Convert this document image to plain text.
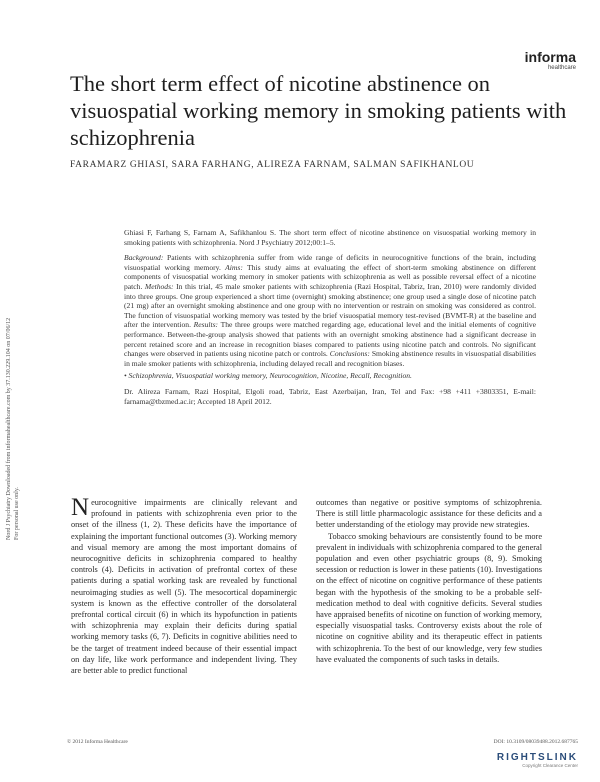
informa
healthcare
The short term effect of nicotine abstinence on visuospatial working memory in smoking patients with schizophrenia
FARAMARZ GHIASI, SARA FARHANG, ALIREZA FARNAM, SALMAN SAFIKHANLOU
Nord J Psychiatry Downloaded from informahealthcare.com by 37.130.229.104 on 07/06/12 For personal use only.

Ghiasi F, Farhang S, Farnam A, Safikhanlou S. The short term effect of nicotine abstinence on visuospatial working memory in smoking patients with schizophrenia. Nord J Psychiatry 2012;00:1–5.

Background: Patients with schizophrenia suffer from wide range of deficits in neurocognitive functions of the brain, including visuospatial working memory. Aims: This study aims at evaluating the effect of short-term smoking abstinence on different components of visuospatial working memory in smoker patients with schizophrenia as well as possible reversal effect of a nicotine patch. Methods: In this trial, 45 male smoker patients with schizophrenia (Razi Hospital, Tabriz, Iran, 2010) were randomly divided into three groups. One group experienced a short time (overnight) smoking abstinence; one group used a single dose of nicotine patch (21 mg) after an overnight smoking abstinence and one group with no intervention or restrain on smoking was considered as control. The function of visuospatial working memory was tested by the brief visuospatial memory test-revised (BVMT-R) at the baseline and after the intervention. Results: The three groups were matched regarding age, educational level and the initial elements of cognitive performance. Between-the-group analysis showed that patients with an overnight smoking abstinence had a significant decrease in percent retained score and an increase in recognition biases compared to patients using nicotine patch and controls. No significant changes were observed in patients using nicotine patch or controls. Conclusions: Smoking abstinence results in visuospatial disabilities in male smoker patients with schizophrenia, including delayed recall and recognition biases.

• Schizophrenia, Visuospatial working memory, Neurocognition, Nicotine, Recall, Recognition.

Dr. Alireza Farnam, Razi Hospital, Elgoli road, Tabriz, East Azerbaijan, Iran, Tel and Fax: +98 +411 +3803351, E-mail: farnama@tbzmed.ac.ir; Accepted 18 April 2012.

Neurocognitive impairments are clinically relevant and profound in patients with schizophrenia even prior to the onset of the illness (1, 2). These deficits have the importance of explaining the important functional outcomes (3). Working memory and visual memory are among the most important domains of neurocognitive deficits in schizophrenia compared to healthy controls (4). Deficits in activation of prefrontal cortex of these patients during a spatial working task are revealed by functional neuroimaging studies as well (5). The mesocortical dopaminergic system is known as the effective controller of the dorsolateral prefrontal cortical circuit (6) in which its hypofunction in patients with schizophrenia may explain their deficits during spatial working memory tasks (6, 7). Deficits in cognitive abilities need to be the target of treatment indeed because of their essential impact on day life, like work performance and independent living. They are better able to predict functional

outcomes than negative or positive symptoms of schizophrenia. There is still little pharmacologic assistance for these deficits and a better understanding of the etiology may provide new strategies.

Tobacco smoking behaviours are consistently found to be more prevalent in individuals with schizophrenia compared to the general population and even other psychiatric groups (8, 9). Smoking secession or reduction is lower in these patients (10). Investigations on the effect of nicotine on cognitive performance of these patients began with the hypothesis of the smoking to be a probable self-medication method to deal with cognitive deficits. Several studies have appraised benefits of nicotine on function of working memory, especially visuospatial tasks. Controversy exists about the role of nicotine on cognitive ability and its therapeutic effect in patients with schizophrenia. To the best of our knowledge, very few studies have evaluated the components of such tasks in details.

© 2012 Informa Healthcare	DOI: 10.3109/08039488.2012.687765
RIGHTSLINK
Copyright Clearance Center
